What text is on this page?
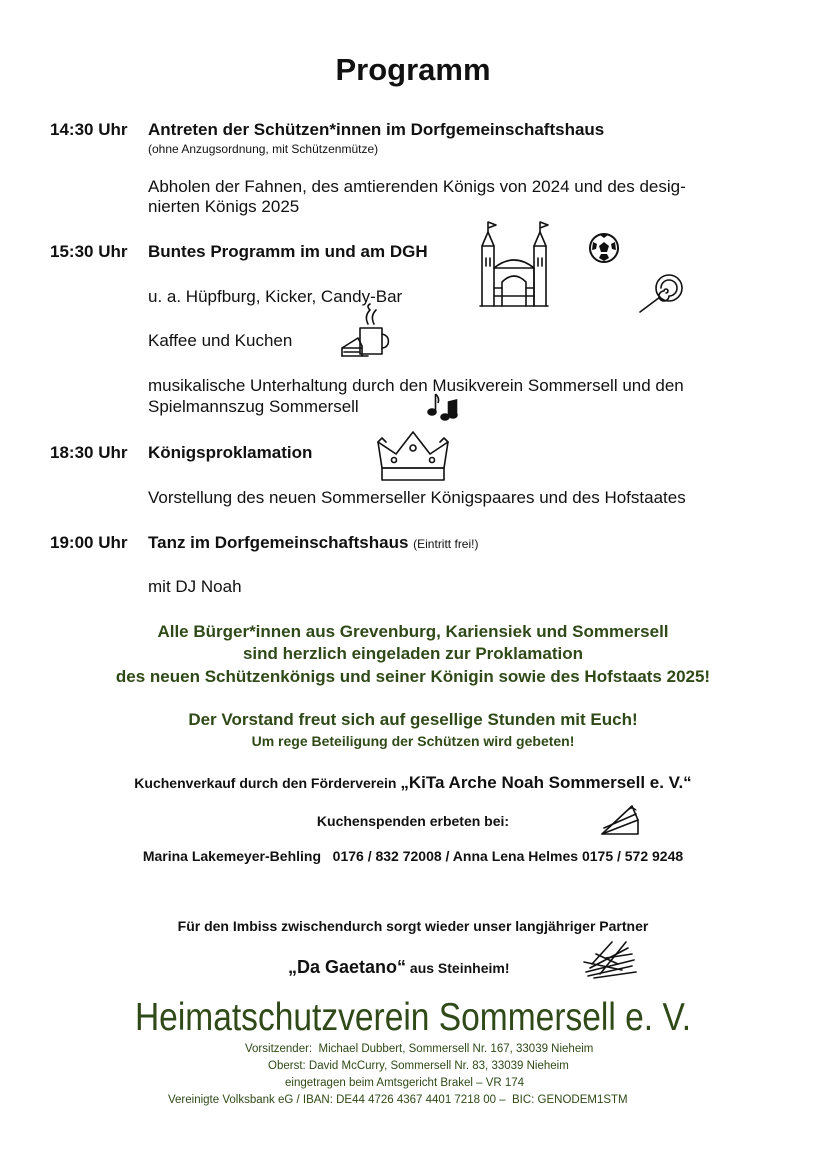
Programm
14:30 Uhr Antreten der Schützen*innen im Dorfgemeinschaftshaus
(ohne Anzugsordnung, mit Schützenmütze)
Abholen der Fahnen, des amtierenden Königs von 2024 und des desig-
nierten Königs 2025
15:30 Uhr Buntes Programm im und am DGH
u. a. Hüpfburg, Kicker, Candy-Bar
Kaffee und Kuchen
musikalische Unterhaltung durch den Musikverein Sommersell und den
Spielmannszug Sommersell
18:30 Uhr Königsproklamation
Vorstellung des neuen Sommerseller Königspaares und des Hofstaates
19:00 Uhr Tanz im Dorfgemeinschaftshaus (Eintritt frei!)
mit DJ Noah
Alle Bürger*innen aus Grevenburg, Kariensiek und Sommersell
sind herzlich eingeladen zur Proklamation
des neuen Schützenkönigs und seiner Königin sowie des Hofstaats 2025!
Der Vorstand freut sich auf gesellige Stunden mit Euch!
Um rege Beteiligung der Schützen wird gebeten!
Kuchenverkauf durch den Förderverein „KiTa Arche Noah Sommersell e. V.“
Kuchenspenden erbeten bei:
Marina Lakemeyer-Behling   0176 / 832 72008 / Anna Lena Helmes 0175 / 572 9248
Für den Imbiss zwischendurch sorgt wieder unser langjähriger Partner
„Da Gaetano“ aus Steinheim!
Heimatschutzverein Sommersell e. V.
Vorsitzender:  Michael Dubbert, Sommersell Nr. 167, 33039 Nieheim
Oberst: David McCurry, Sommersell Nr. 83, 33039 Nieheim
eingetragen beim Amtsgericht Brakel – VR 174
Vereinigte Volksbank eG / IBAN: DE44 4726 4367 4401 7218 00 –  BIC: GENODEM1STM
